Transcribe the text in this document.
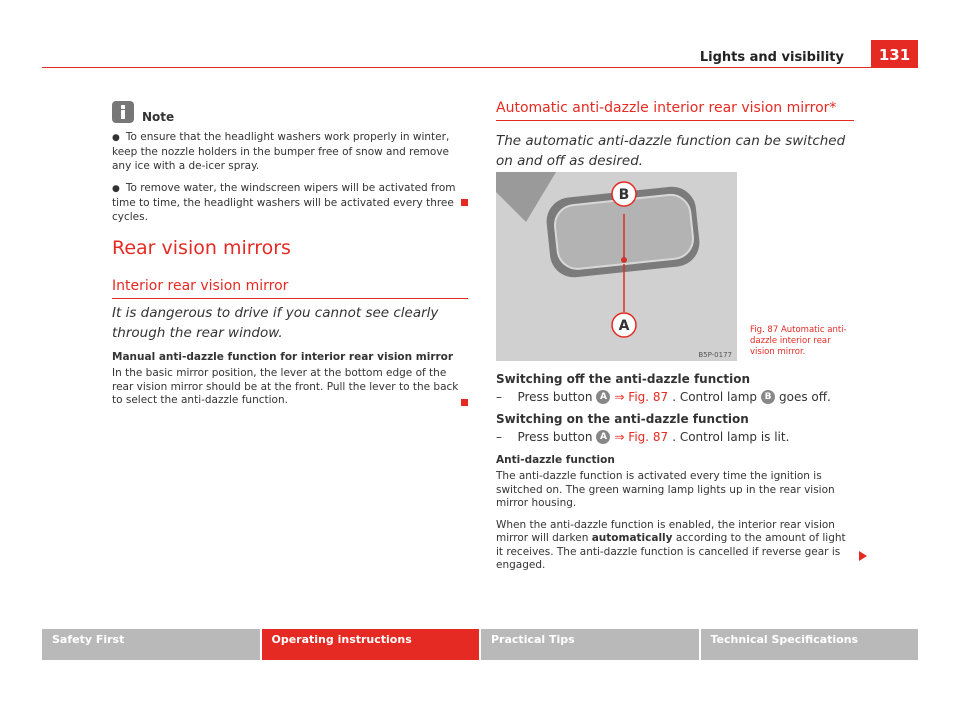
Lights and visibility	131
Note
● To ensure that the headlight washers work properly in winter, keep the nozzle holders in the bumper free of snow and remove any ice with a de-icer spray.
● To remove water, the windscreen wipers will be activated from time to time, the headlight washers will be activated every three cycles.
Rear vision mirrors
Interior rear vision mirror
It is dangerous to drive if you cannot see clearly through the rear window.
Manual anti-dazzle function for interior rear vision mirror
In the basic mirror position, the lever at the bottom edge of the rear vision mirror should be at the front. Pull the lever to the back to select the anti-dazzle function.
Automatic anti-dazzle interior rear vision mirror*
The automatic anti-dazzle function can be switched on and off as desired.
B
A
B5P-0177
Fig. 87 Automatic anti-dazzle interior rear vision mirror.
Switching off the anti-dazzle function
– Press button A ⇒ Fig. 87 . Control lamp B goes off.
Switching on the anti-dazzle function
– Press button A ⇒ Fig. 87 . Control lamp is lit.
Anti-dazzle function
The anti-dazzle function is activated every time the ignition is switched on. The green warning lamp lights up in the rear vision mirror housing.
When the anti-dazzle function is enabled, the interior rear vision mirror will darken automatically according to the amount of light it receives. The anti-dazzle function is cancelled if reverse gear is engaged.
Safety First	Operating instructions	Practical Tips	Technical Specifications
